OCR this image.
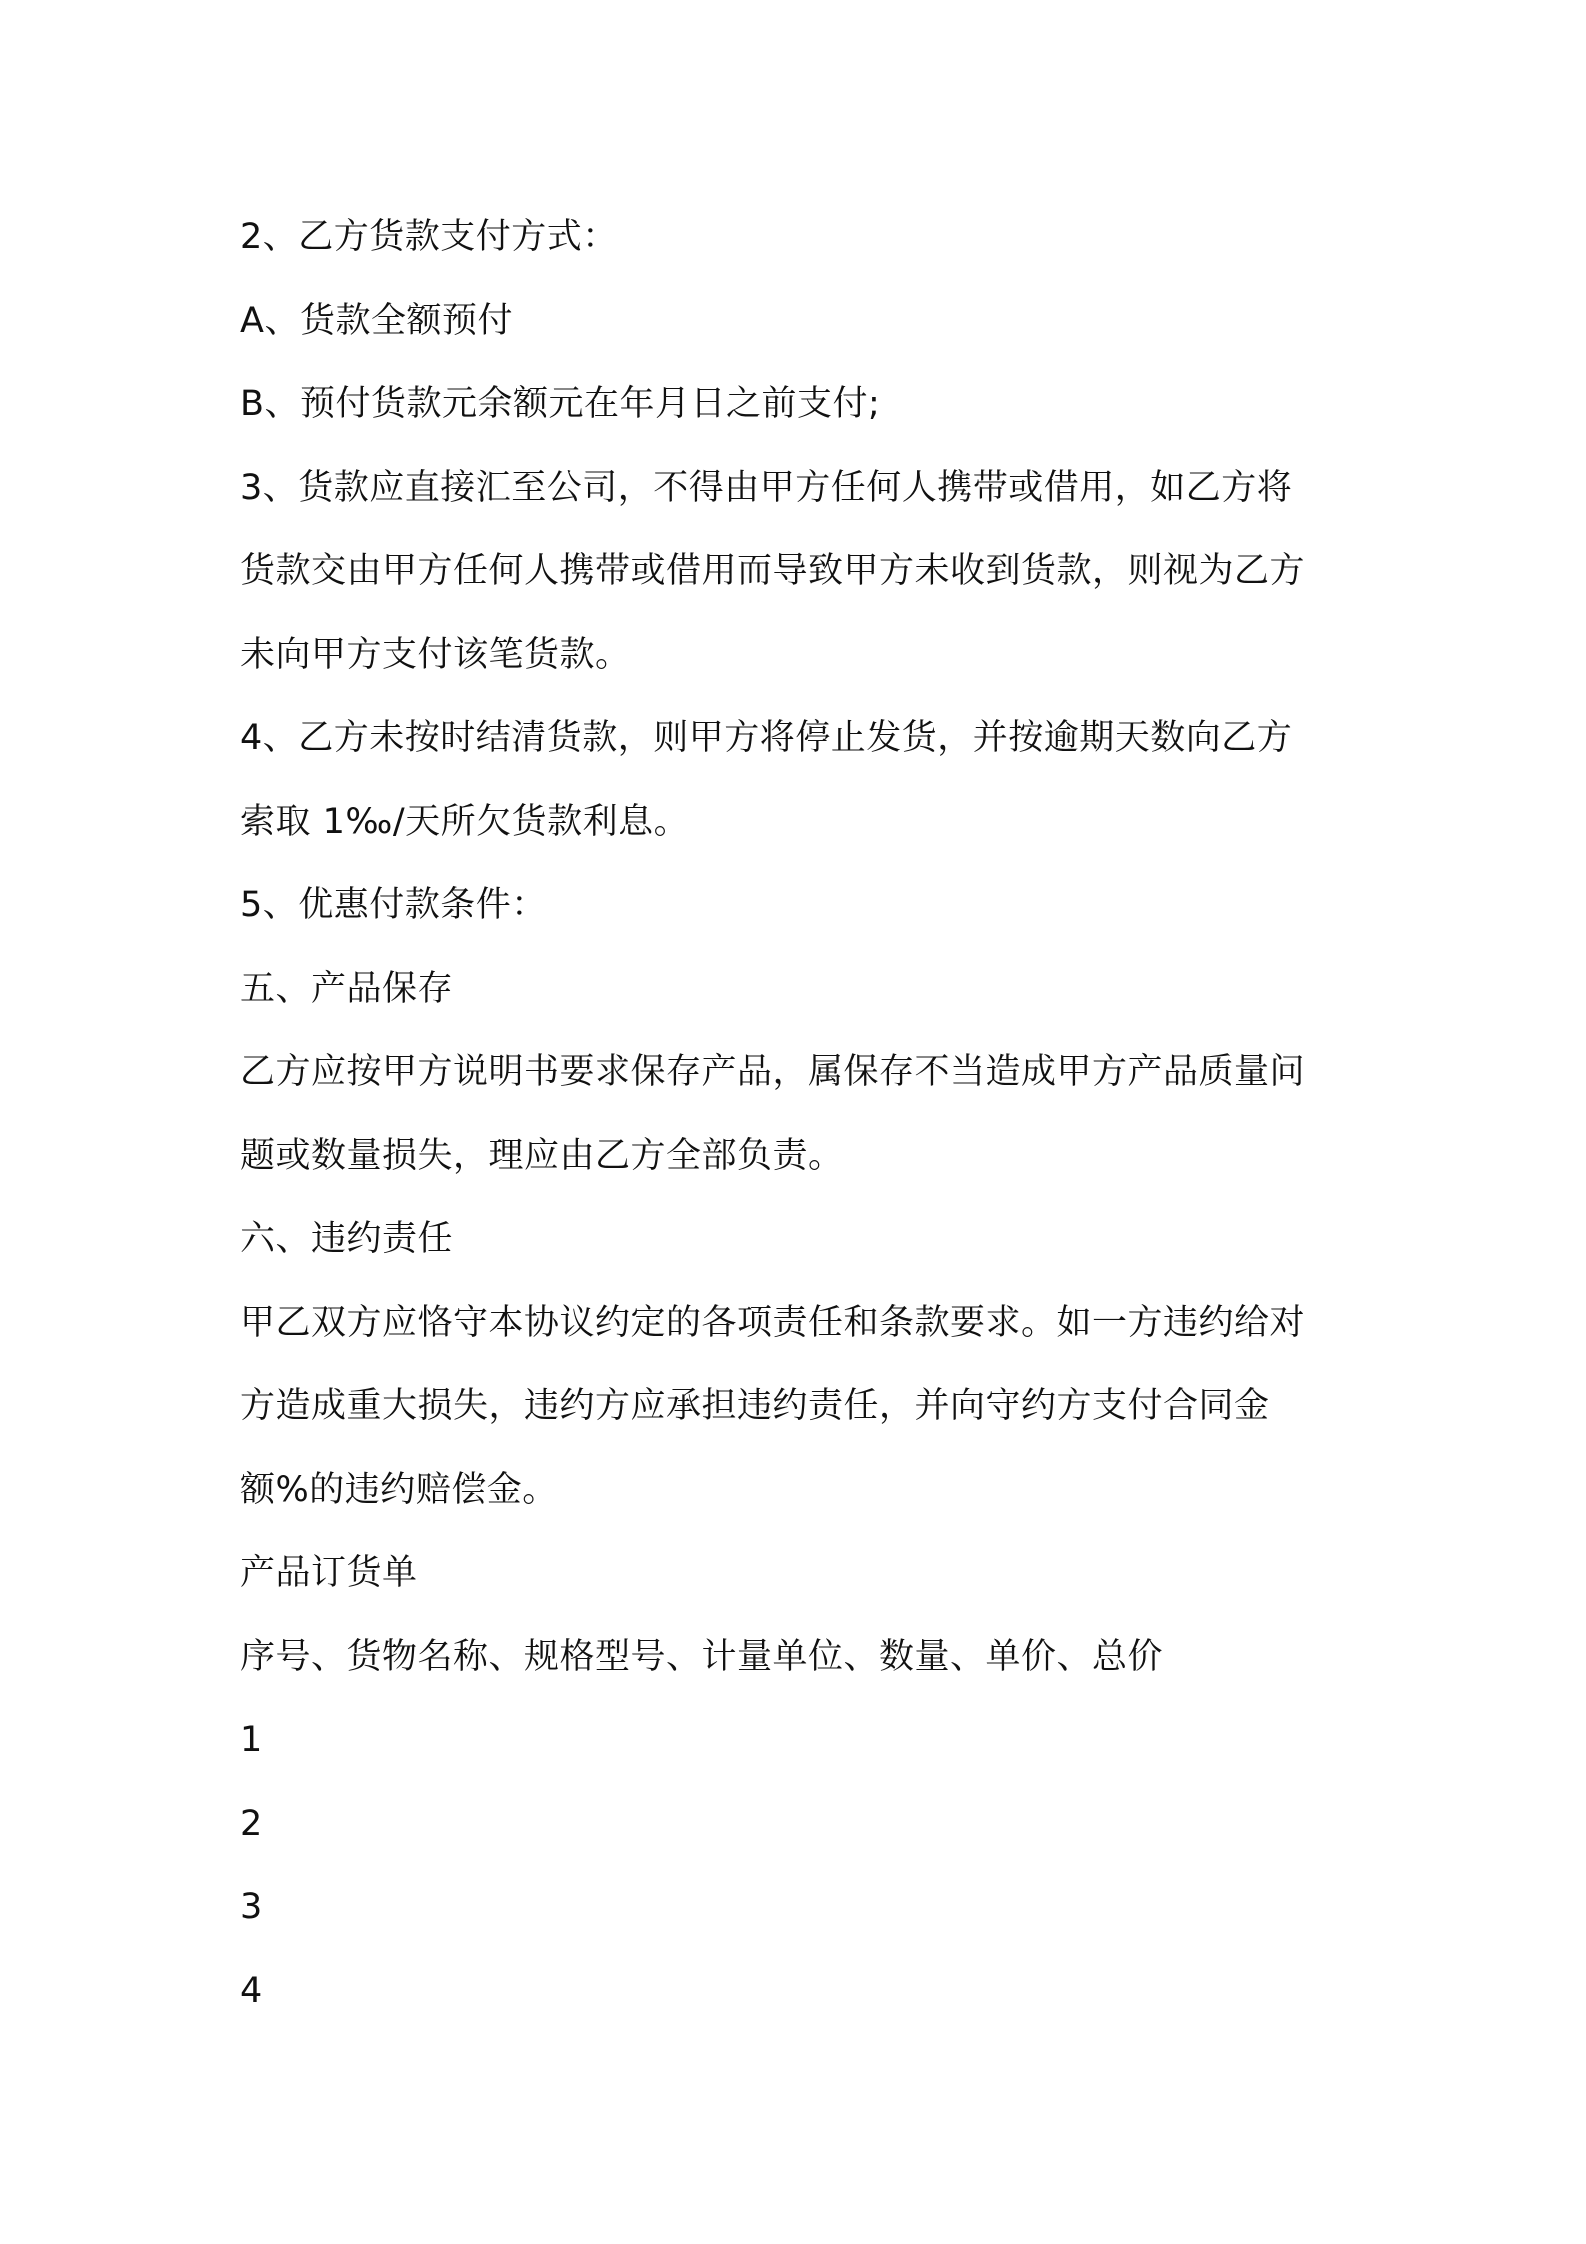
2、乙方货款支付方式：
A、货款全额预付
B、预付货款元余额元在年月日之前支付;
3、货款应直接汇至公司，不得由甲方任何人携带或借用，如乙方将
货款交由甲方任何人携带或借用而导致甲方未收到货款，则视为乙方
未向甲方支付该笔货款。
4、乙方未按时结清货款，则甲方将停止发货，并按逾期天数向乙方
索取 1‰/天所欠货款利息。
5、优惠付款条件：
五、产品保存
乙方应按甲方说明书要求保存产品，属保存不当造成甲方产品质量问
题或数量损失，理应由乙方全部负责。
六、违约责任
甲乙双方应恪守本协议约定的各项责任和条款要求。如一方违约给对
方造成重大损失，违约方应承担违约责任，并向守约方支付合同金
额%的违约赔偿金。
产品订货单
序号、货物名称、规格型号、计量单位、数量、单价、总价
1
2
3
4
